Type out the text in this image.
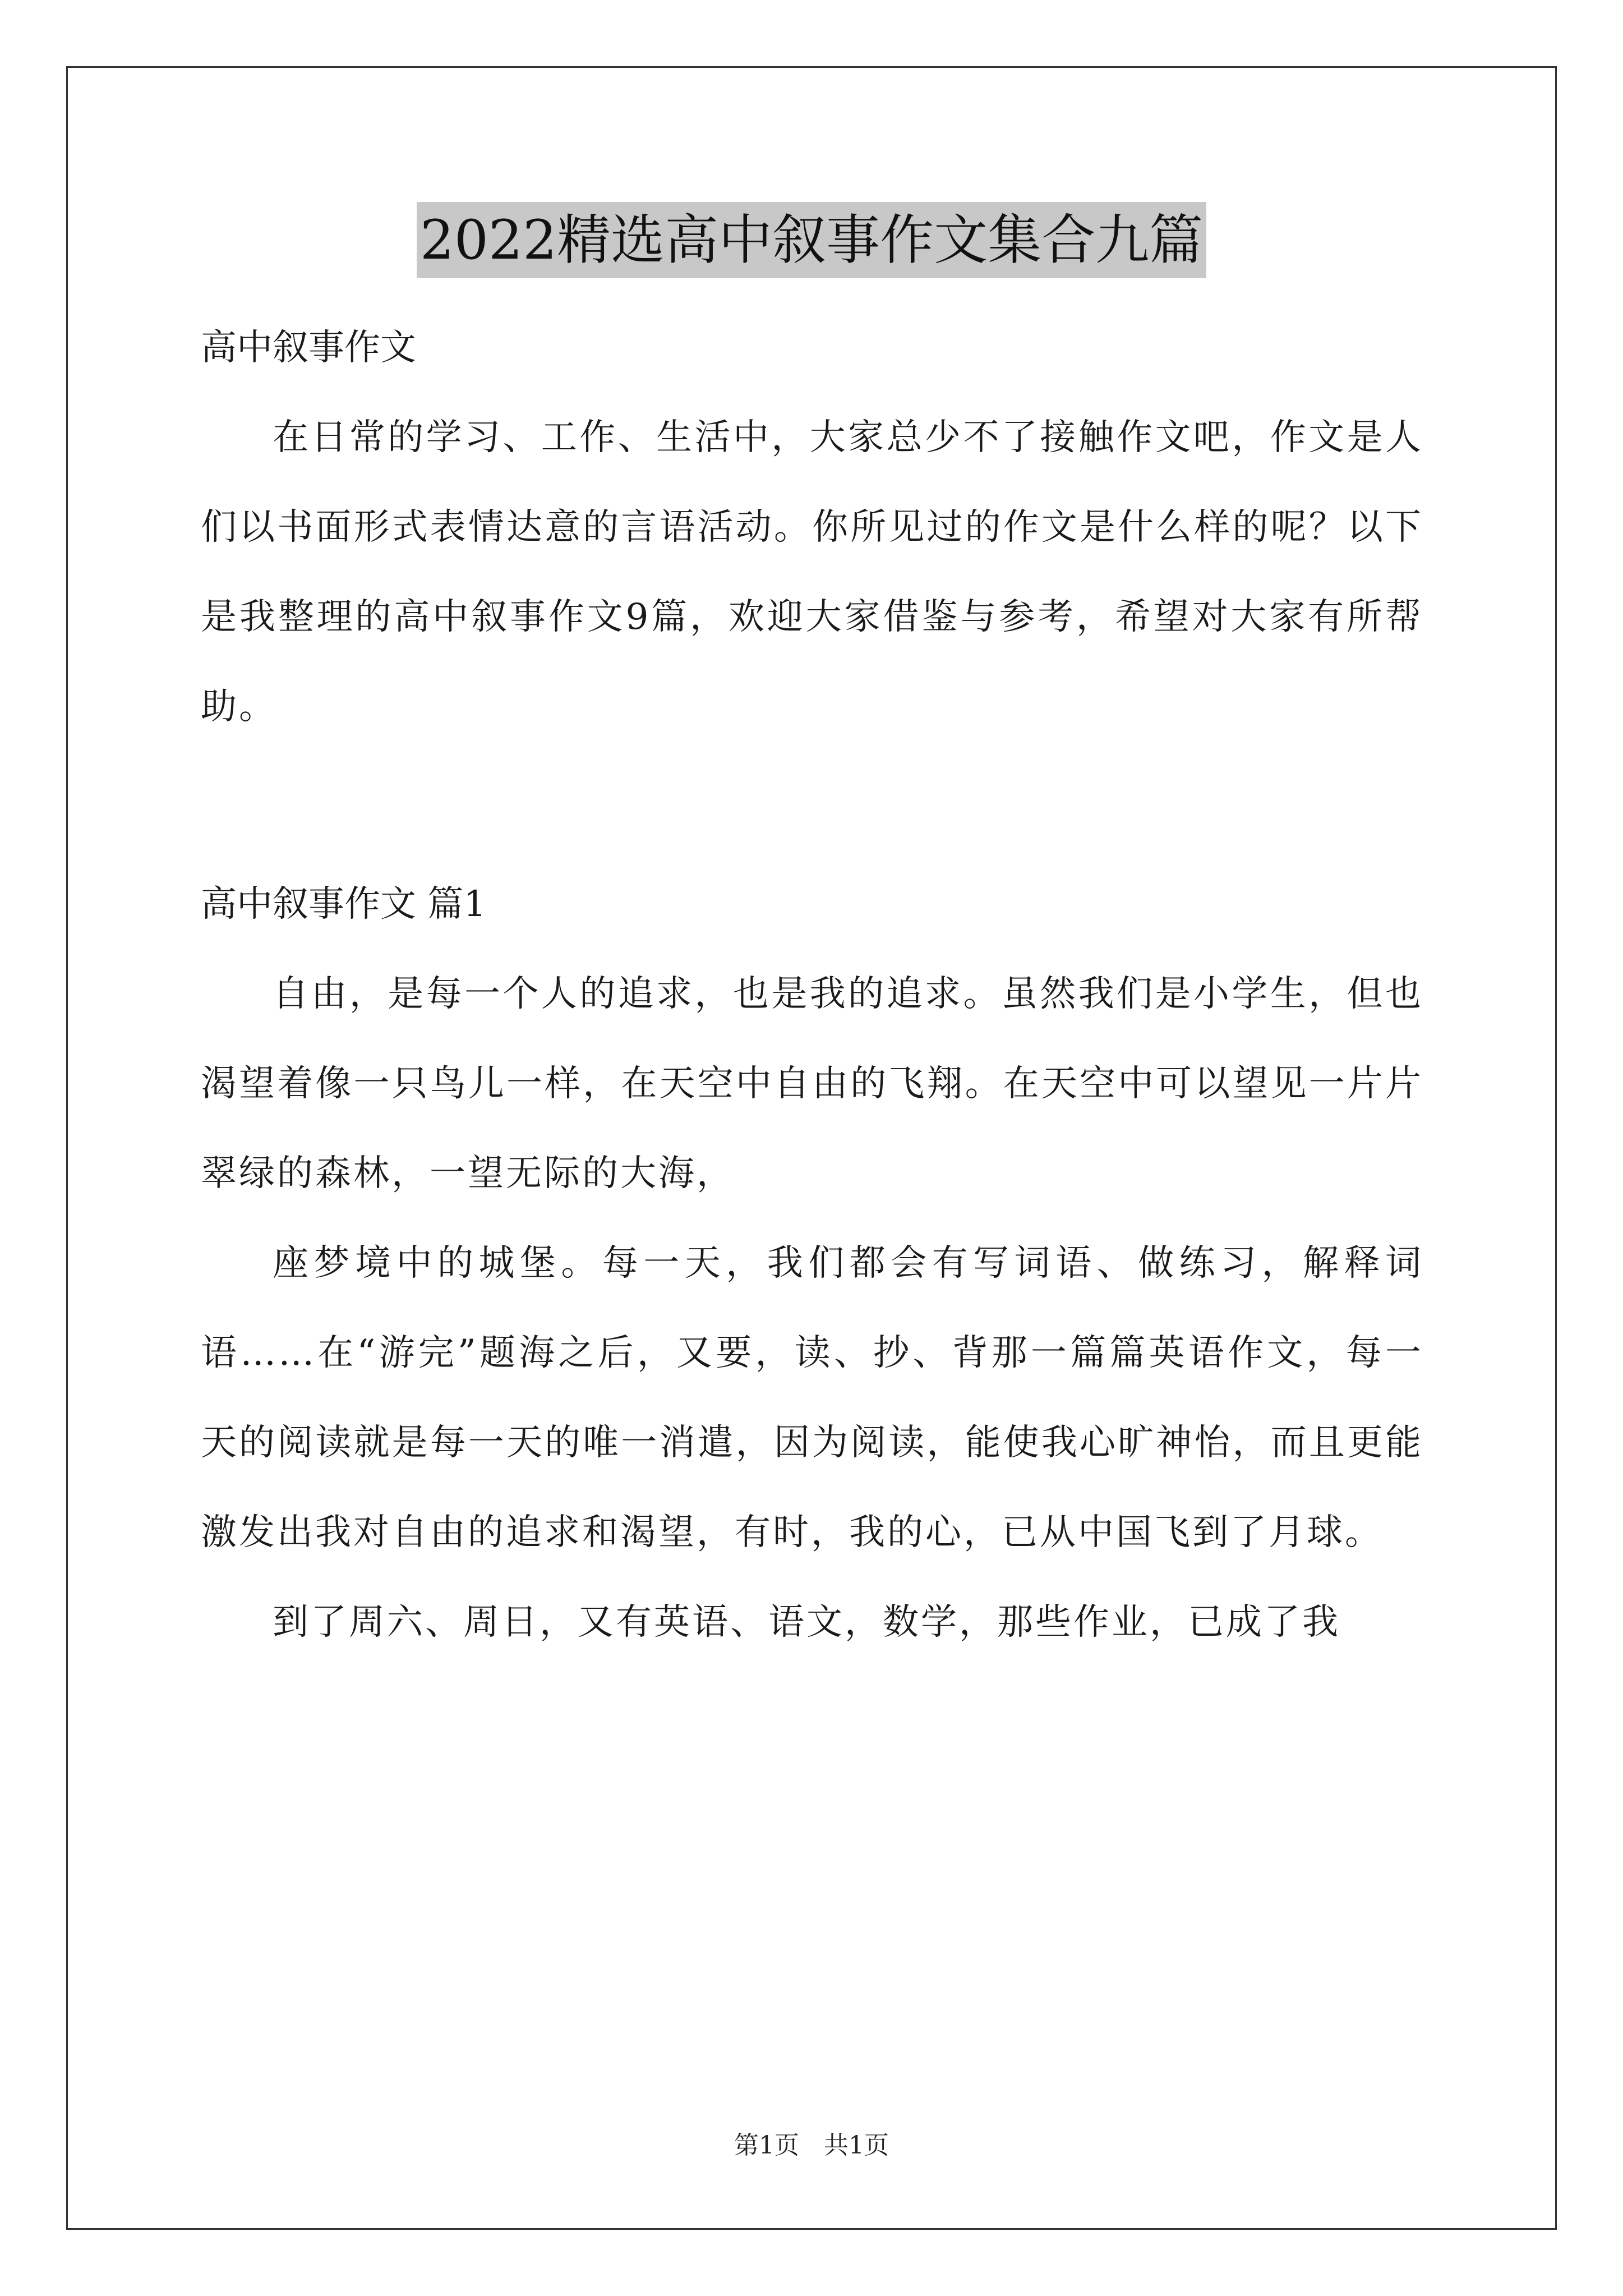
2022精选高中叙事作文集合九篇

高中叙事作文

在日常的学习、工作、生活中，大家总少不了接触作文吧，作文是人们以书面形式表情达意的言语活动。你所见过的作文是什么样的呢？以下是我整理的高中叙事作文9篇，欢迎大家借鉴与参考，希望对大家有所帮助。

高中叙事作文 篇1

自由，是每一个人的追求，也是我的追求。虽然我们是小学生，但也渴望着像一只鸟儿一样，在天空中自由的飞翔。在天空中可以望见一片片翠绿的森林，一望无际的大海，

座梦境中的城堡。每一天，我们都会有写词语、做练习，解释词语……在“游完”题海之后，又要，读、抄、背那一篇篇英语作文，每一天的阅读就是每一天的唯一消遣，因为阅读，能使我心旷神怡，而且更能激发出我对自由的追求和渴望，有时，我的心，已从中国飞到了月球。

到了周六、周日，又有英语、语文，数学，那些作业，已成了我

第1页　共1页
